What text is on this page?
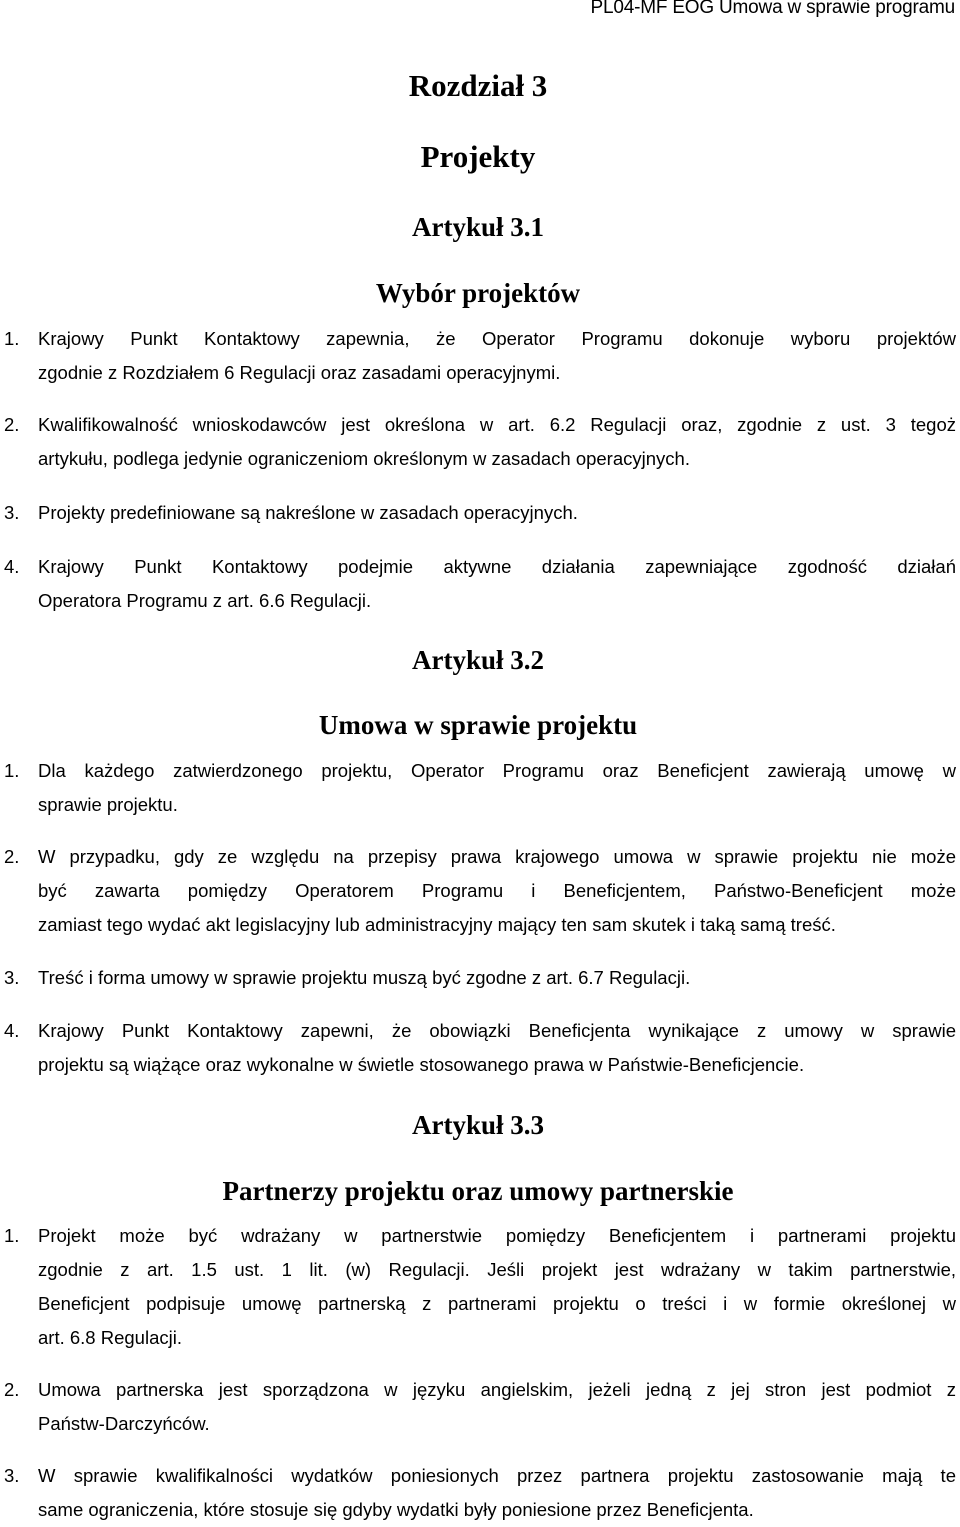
PL04-MF EOG Umowa w sprawie programu
Rozdział 3
Projekty
Artykuł 3.1
Wybór projektów
1. Krajowy Punkt Kontaktowy zapewnia, że Operator Programu dokonuje wyboru projektów
zgodnie z Rozdziałem 6 Regulacji oraz zasadami operacyjnymi.
2. Kwalifikowalność wnioskodawców jest określona w art. 6.2 Regulacji oraz, zgodnie z ust. 3 tegoż
artykułu, podlega jedynie ograniczeniom określonym w zasadach operacyjnych.
3. Projekty predefiniowane są nakreślone w zasadach operacyjnych.
4. Krajowy Punkt Kontaktowy podejmie aktywne działania zapewniające zgodność działań
Operatora Programu z art. 6.6 Regulacji.
Artykuł 3.2
Umowa w sprawie projektu
1. Dla każdego zatwierdzonego projektu, Operator Programu oraz Beneficjent zawierają umowę w
sprawie projektu.
2. W przypadku, gdy ze względu na przepisy prawa krajowego umowa w sprawie projektu nie może
być zawarta pomiędzy Operatorem Programu i Beneficjentem, Państwo-Beneficjent może
zamiast tego wydać akt legislacyjny lub administracyjny mający ten sam skutek i taką samą treść.
3. Treść i forma umowy w sprawie projektu muszą być zgodne z art. 6.7 Regulacji.
4. Krajowy Punkt Kontaktowy zapewni, że obowiązki Beneficjenta wynikające z umowy w sprawie
projektu są wiążące oraz wykonalne w świetle stosowanego prawa w Państwie-Beneficjencie.
Artykuł 3.3
Partnerzy projektu oraz umowy partnerskie
1. Projekt może być wdrażany w partnerstwie pomiędzy Beneficjentem i partnerami projektu
zgodnie z art. 1.5 ust. 1 lit. (w) Regulacji. Jeśli projekt jest wdrażany w takim partnerstwie,
Beneficjent podpisuje umowę partnerską z partnerami projektu o treści i w formie określonej w
art. 6.8 Regulacji.
2. Umowa partnerska jest sporządzona w języku angielskim, jeżeli jedną z jej stron jest podmiot z
Państw-Darczyńców.
3. W sprawie kwalifikalności wydatków poniesionych przez partnera projektu zastosowanie mają te
same ograniczenia, które stosuje się gdyby wydatki były poniesione przez Beneficjenta.
